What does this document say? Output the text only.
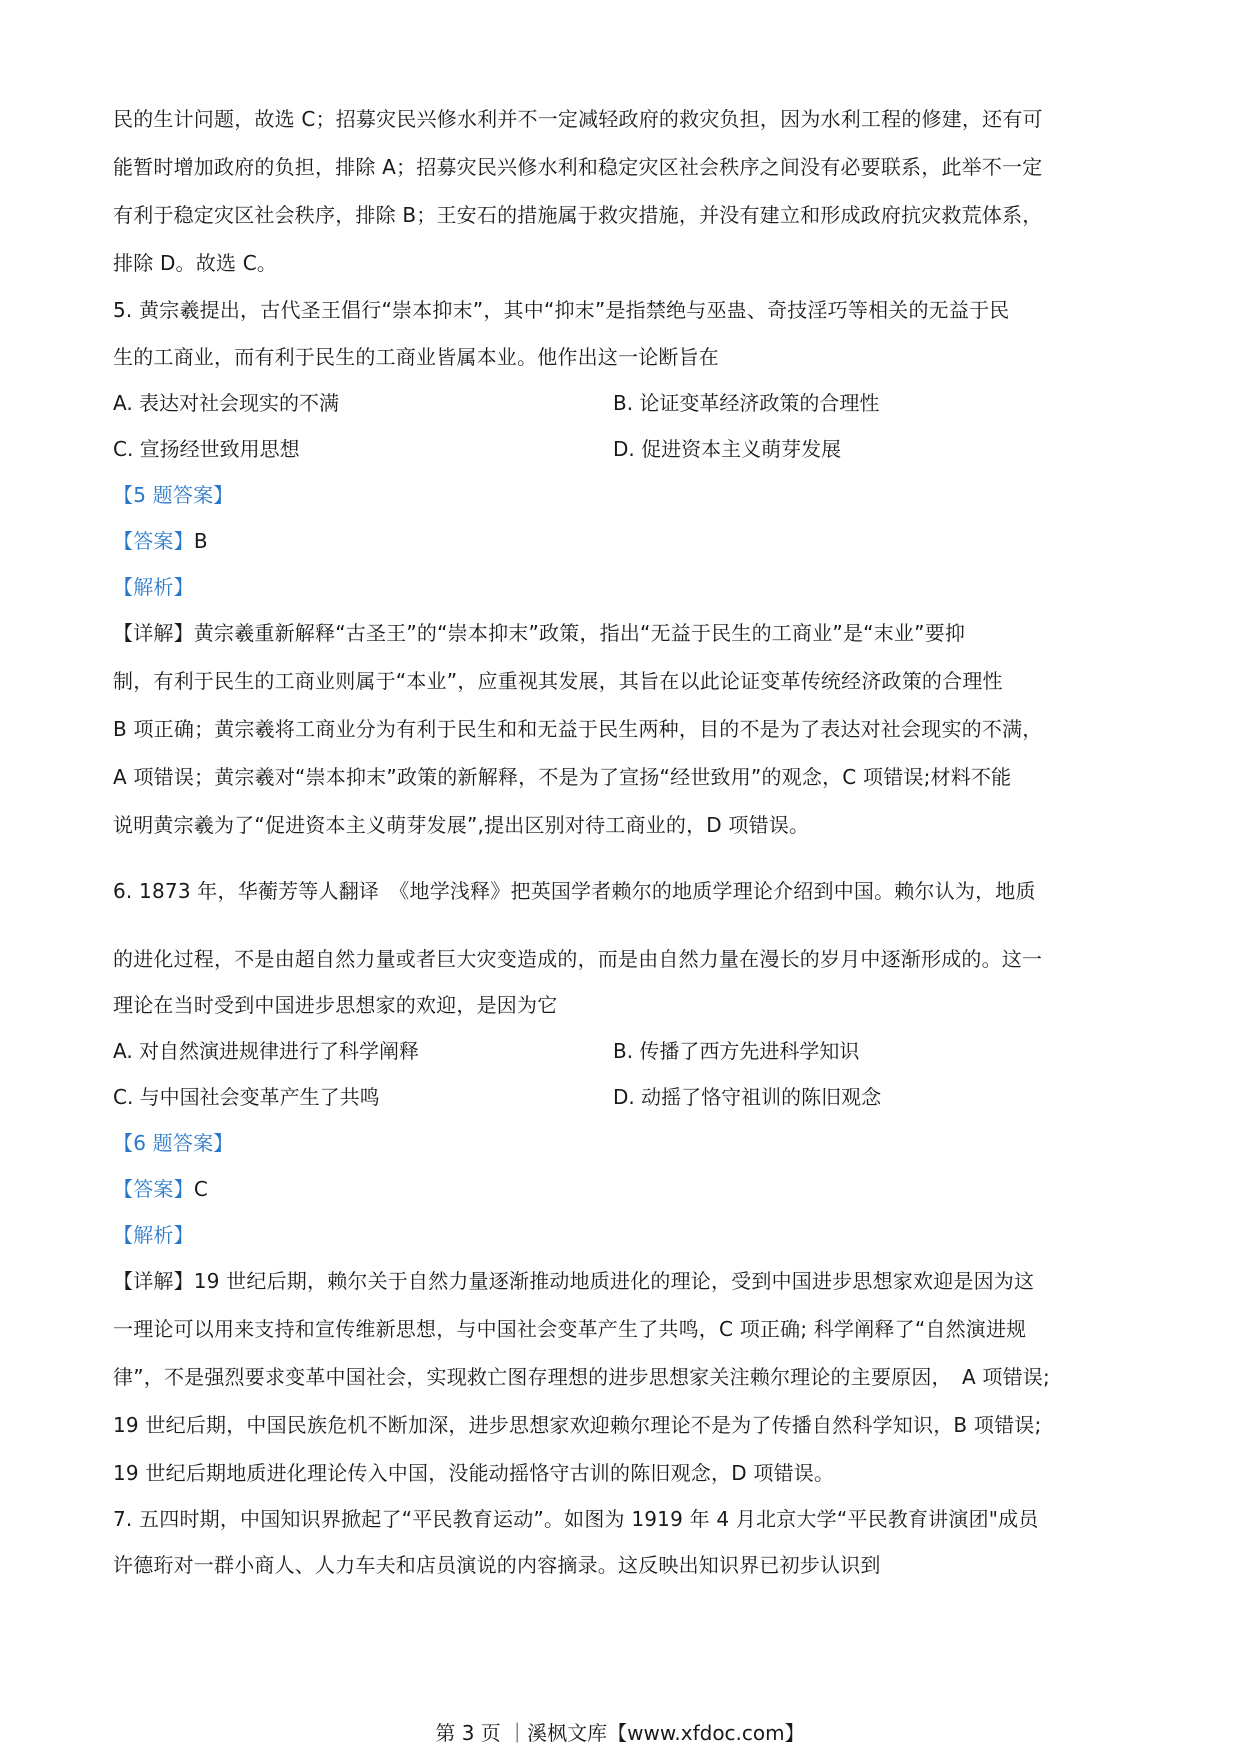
民的生计问题，故选 C；招募灾民兴修水利并不一定减轻政府的救灾负担，因为水利工程的修建，还有可
能暂时增加政府的负担，排除 A；招募灾民兴修水利和稳定灾区社会秩序之间没有必要联系，此举不一定
有利于稳定灾区社会秩序，排除 B；王安石的措施属于救灾措施，并没有建立和形成政府抗灾救荒体系，
排除 D。故选 C。
5. 黄宗羲提出，古代圣王倡行“崇本抑末”，其中“抑末”是指禁绝与巫蛊、奇技淫巧等相关的无益于民
生的工商业，而有利于民生的工商业皆属本业。他作出这一论断旨在
A. 表达对社会现实的不满	B. 论证变革经济政策的合理性
C. 宣扬经世致用思想	D. 促进资本主义萌芽发展
【5 题答案】
【答案】B
【解析】
【详解】黄宗羲重新解释“古圣王”的“崇本抑末”政策，指出“无益于民生的工商业”是“末业”要抑
制，有利于民生的工商业则属于“本业”，应重视其发展，其旨在以此论证变革传统经济政策的合理性
B 项正确；黄宗羲将工商业分为有利于民生和和无益于民生两种，目的不是为了表达对社会现实的不满，
A 项错误；黄宗羲对“崇本抑末”政策的新解释，不是为了宣扬“经世致用”的观念，C 项错误;材料不能
说明黄宗羲为了“促进资本主义萌芽发展”,提出区别对待工商业的，D 项错误。
6. 1873 年，华蘅芳等人翻译　《地学浅释》把英国学者赖尔的地质学理论介绍到中国。赖尔认为，地质
的进化过程，不是由超自然力量或者巨大灾变造成的，而是由自然力量在漫长的岁月中逐渐形成的。这一
理论在当时受到中国进步思想家的欢迎，是因为它
A. 对自然演进规律进行了科学阐释	B. 传播了西方先进科学知识
C. 与中国社会变革产生了共鸣	D. 动摇了恪守祖训的陈旧观念
【6 题答案】
【答案】C
【解析】
【详解】19 世纪后期，赖尔关于自然力量逐渐推动地质进化的理论，受到中国进步思想家欢迎是因为这
一理论可以用来支持和宣传维新思想，与中国社会变革产生了共鸣，C 项正确; 科学阐释了“自然演进规
律”，不是强烈要求变革中国社会，实现救亡图存理想的进步思想家关注赖尔理论的主要原因，　A 项错误;
19 世纪后期，中国民族危机不断加深，进步思想家欢迎赖尔理论不是为了传播自然科学知识，B 项错误;
19 世纪后期地质进化理论传入中国，没能动摇恪守古训的陈旧观念，D 项错误。
7. 五四时期，中国知识界掀起了“平民教育运动”。如图为 1919 年 4 月北京大学“平民教育讲演团"成员
许德珩对一群小商人、人力车夫和店员演说的内容摘录。这反映出知识界已初步认识到
第 3 页 ｜溪枫文库【www.xfdoc.com】
